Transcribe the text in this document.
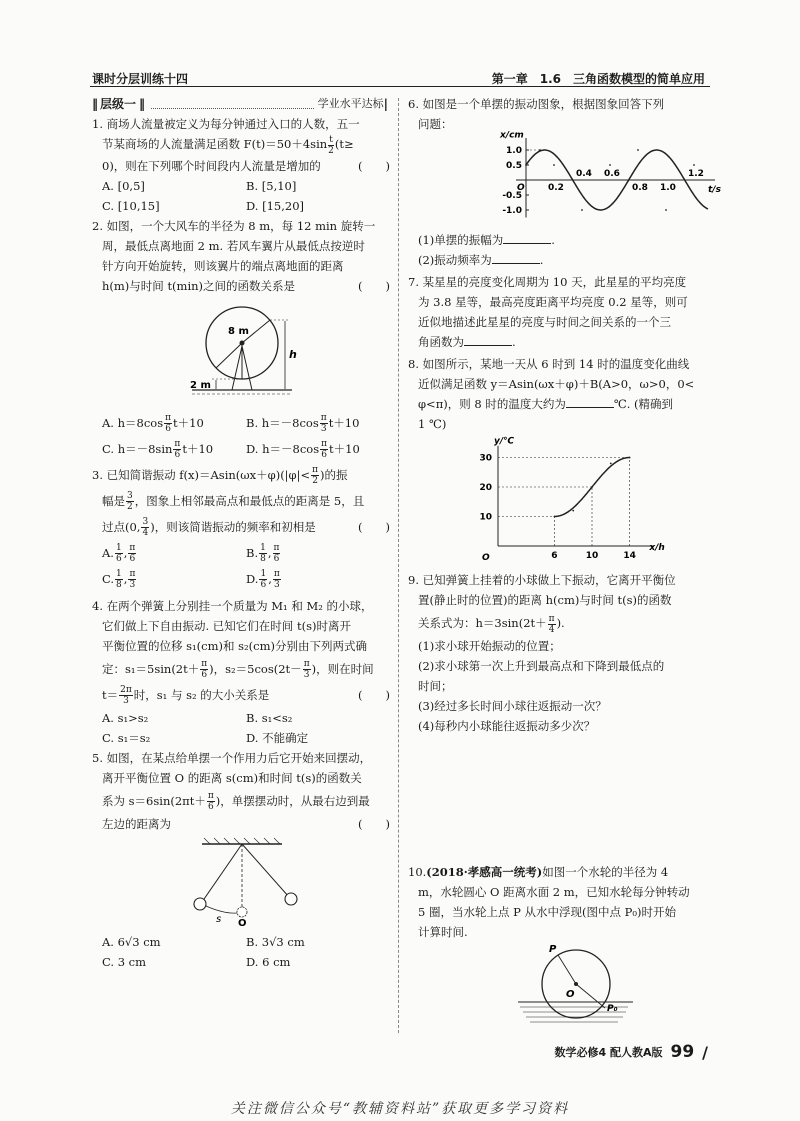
课时分层训练十四	第一章　1.6　三角函数模型的简单应用
‖ 层级一 ‖	学业水平达标 |

1. 商场人流量被定义为每分钟通过入口的人数，五一

节某商场的人流量满足函数 $F(t)=50+4\sin \frac{t}{2} (t\ge$

0)，则在下列哪个时间段内人流量是增加的	(　　)

A. [0,5]	B. [5,10]
C. [10,15]	D. [15,20]

2. 如图，一个大风车的半径为 8 m，每 12 min 旋转一

周，最低点离地面 2 m. 若风车翼片从最低点按逆时

针方向开始旋转，则该翼片的端点离地面的距离

h(m)与时间 t(min)之间的函数关系是	(　　)

8 m
2 m
h
A. $h=8\cos \frac{\pi}{6} t+10$	B. $h=-8\cos \frac{\pi}{3} t+10$
C. $h=-8\sin \frac{\pi}{6} t+10$	D. $h=-8\cos \frac{\pi}{6} t+10$

3. 已知简谐振动 $f(x)=Asin(\omega x+\varphi)(|\varphi|< \frac{\pi}{2}$ )的振

幅是 $\frac{3}{2}$ ，图象上相邻最高点和最低点的距离是 5，且

过点(0, $\frac{3}{4}$ )，则该简谐振动的频率和初相是	(　　)

A. $\frac{1}{6}$ , $\frac{\pi}{6}$	B. $\frac{1}{8}$ , $\frac{\pi}{6}$
C. $\frac{1}{8}$ , $\frac{\pi}{3}$	D. $\frac{1}{6}$ , $\frac{\pi}{3}$

4. 在两个弹簧上分别挂一个质量为 M₁ 和 M₂ 的小球，

它们做上下自由振动. 已知它们在时间 t(s)时离开

平衡位置的位移 s₁(cm)和 s₂(cm)分别由下列两式确

定：$s_1=5\sin(2t+ \frac{\pi}{6}$ )，$s_2=5\cos(2t- \frac{\pi}{3}$ )，则在时间

$t= \frac{2\pi}{3}$ 时，s₁ 与 s₂ 的大小关系是	(　　)

A. s₁>s₂	B. s₁<s₂
C. s₁＝s₂	D. 不能确定

5. 如图，在某点给单摆一个作用力后它开始来回摆动，

离开平衡位置 O 的距离 s(cm)和时间 t(s)的函数关

系为 $s=6\sin(2\pi t+ \frac{\pi}{6}$ )，单摆摆动时，从最右边到最

左边的距离为	(　　)

s O
A. 6√3 cm	B. 3√3 cm
C. 3 cm	D. 6 cm

6. 如图是一个单摆的振动图象，根据图象回答下列

问题：

x/cm
t/s
O
1.0
0.5
-0.5
-1.0
0.2
0.4 0.6
0.8 1.0
1.2

(1)单摆的振幅为	.

(2)振动频率为	.

7. 某星星的亮度变化周期为 10 天，此星星的平均亮度

为 3.8 星等，最高亮度距离平均亮度 0.2 星等，则可

近似地描述此星星的亮度与时间之间关系的一个三

角函数为	.

8. 如图所示，某地一天从 6 时到 14 时的温度变化曲线

近似满足函数 y＝Asin(ωx＋φ)＋B(A>0，ω>0，0<

φ<π)，则 8 时的温度大约为	℃. (精确到

1 ℃)

y/℃
x/h
O
10
20
30
6	10	14

9. 已知弹簧上挂着的小球做上下振动，它离开平衡位

置(静止时的位置)的距离 h(cm)与时间 t(s)的函数

关系式为：$h=3\sin(2t+ \frac{\pi}{4}$ ).

(1)求小球开始振动的位置；

(2)求小球第一次上升到最高点和下降到最低点的

时间；

(3)经过多长时间小球往返振动一次？

(4)每秒内小球能往返振动多少次？

10.(2018·孝感高一统考)如图一个水轮的半径为 4

m，水轮圆心 O 距离水面 2 m，已知水轮每分钟转动

5 圈，当水轮上点 P 从水中浮现(图中点 P₀)时开始

计算时间.

P
O
P₀
数学必修4 配人教A版 99 /
关注微信公众号“教辅资料站”获取更多学习资料
